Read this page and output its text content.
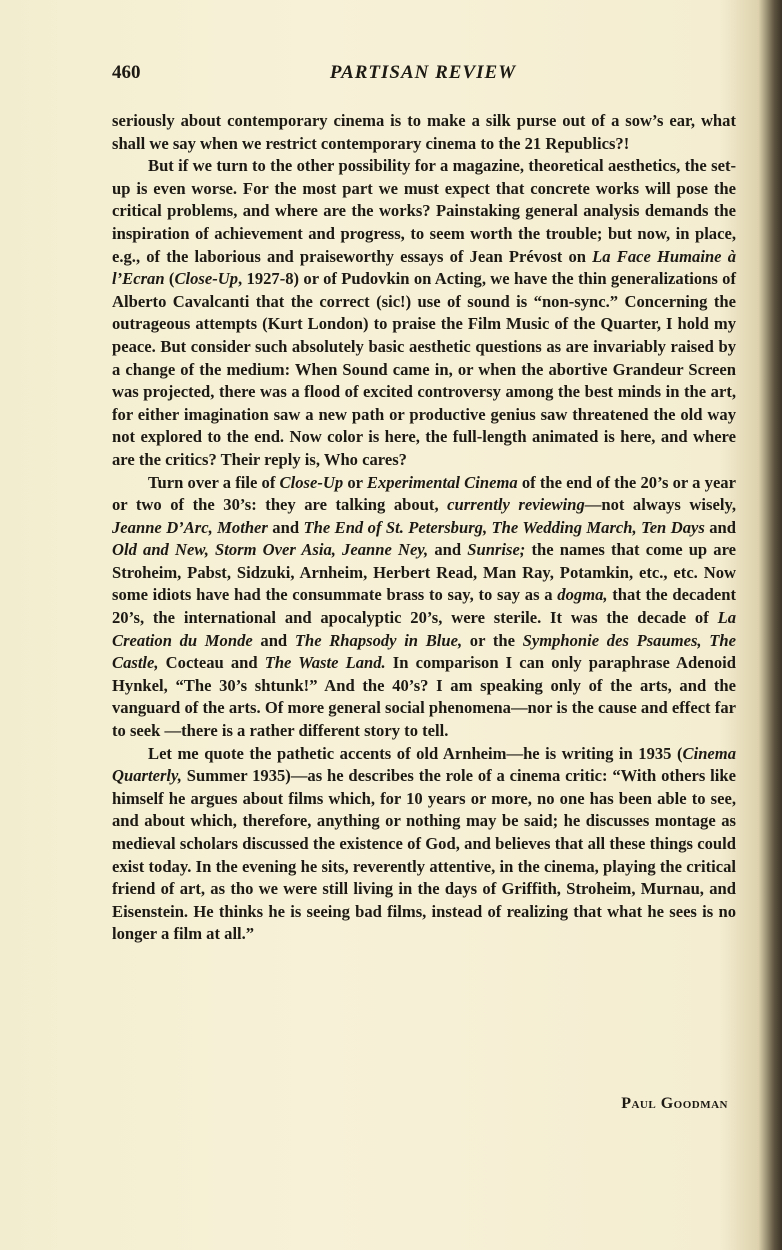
460	PARTISAN REVIEW

seriously about contemporary cinema is to make a silk purse out of a sow’s ear, what shall we say when we restrict contemporary cinema to the 21 Republics?!

But if we turn to the other possibility for a magazine, theoretical aesthetics, the set-up is even worse. For the most part we must expect that concrete works will pose the critical problems, and where are the works? Painstaking general analysis demands the inspiration of achievement and progress, to seem worth the trouble; but now, in place, e.g., of the laborious and praiseworthy essays of Jean Prévost on La Face Humaine à l’Ecran (Close-Up, 1927-8) or of Pudovkin on Acting, we have the thin generalizations of Alberto Cavalcanti that the correct (sic!) use of sound is “non-sync.” Concerning the outrageous attempts (Kurt London) to praise the Film Music of the Quarter, I hold my peace. But consider such absolutely basic aesthetic questions as are invariably raised by a change of the medium: When Sound came in, or when the abortive Grandeur Screen was projected, there was a flood of excited controversy among the best minds in the art, for either imagination saw a new path or productive genius saw threatened the old way not explored to the end. Now color is here, the full-length animated is here, and where are the critics? Their reply is, Who cares?

Turn over a file of Close-Up or Experimental Cinema of the end of the 20’s or a year or two of the 30’s: they are talking about, currently reviewing—not always wisely, Jeanne D’Arc, Mother and The End of St. Petersburg, The Wedding March, Ten Days and Old and New, Storm Over Asia, Jeanne Ney, and Sunrise; the names that come up are Stroheim, Pabst, Sidzuki, Arnheim, Herbert Read, Man Ray, Potamkin, etc., etc. Now some idiots have had the consummate brass to say, to say as a dogma, that the decadent 20’s, the international and apocalyptic 20’s, were sterile. It was the decade of La Creation du Monde and The Rhapsody in Blue, or the Symphonie des Psaumes, The Castle, Cocteau and The Waste Land. In comparison I can only paraphrase Adenoid Hynkel, “The 30’s shtunk!” And the 40’s? I am speaking only of the arts, and the vanguard of the arts. Of more general social phenomena—nor is the cause and effect far to seek —there is a rather different story to tell.

Let me quote the pathetic accents of old Arnheim—he is writing in 1935 (Cinema Quarterly, Summer 1935)—as he describes the role of a cinema critic: “With others like himself he argues about films which, for 10 years or more, no one has been able to see, and about which, therefore, anything or nothing may be said; he discusses montage as medieval scholars discussed the existence of God, and believes that all these things could exist today. In the evening he sits, reverently attentive, in the cinema, playing the critical friend of art, as tho we were still living in the days of Griffith, Stroheim, Murnau, and Eisenstein. He thinks he is seeing bad films, instead of realizing that what he sees is no longer a film at all.”

Paul Goodman
